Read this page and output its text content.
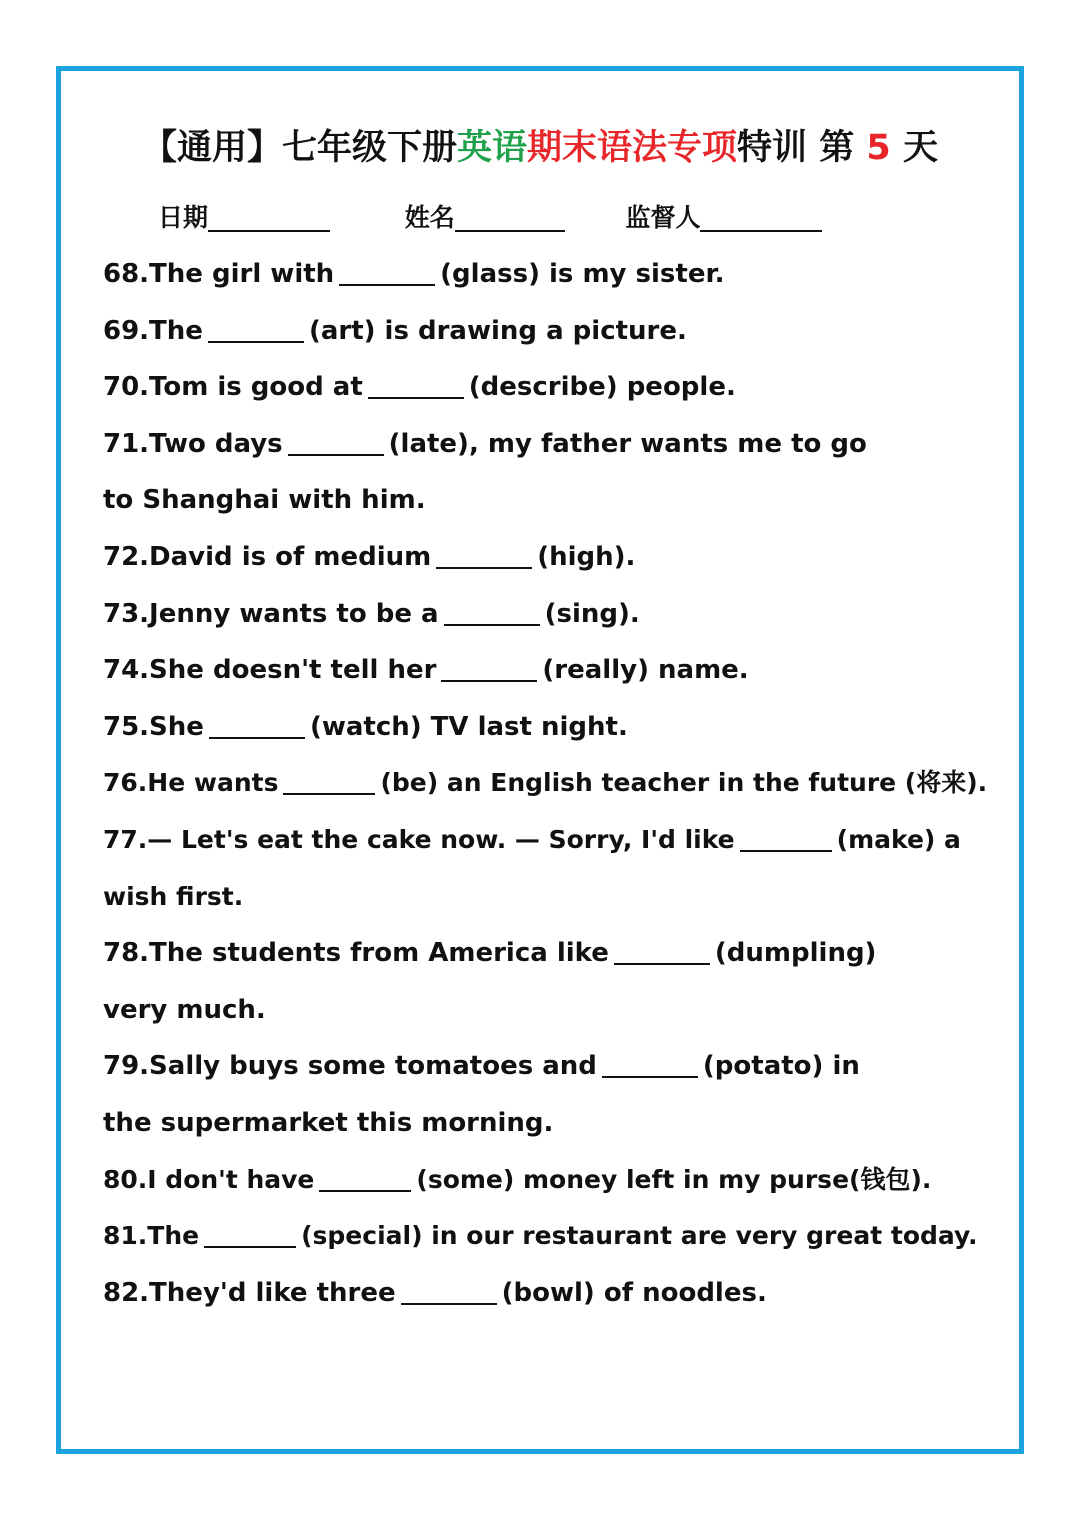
【通用】七年级下册英语期末语法专项特训 第 5 天
日期	姓名	监督人
68.The girl with	(glass) is my sister.
69.The	(art) is drawing a picture.
70.Tom is good at	(describe) people.
71.Two days	(late), my father wants me to go to Shanghai with him.
72.David is of medium	(high).
73.Jenny wants to be a	(sing).
74.She doesn't tell her	(really) name.
75.She	(watch) TV last night.
76.He wants	(be) an English teacher in the future (将来).
77.— Let's eat the cake now. — Sorry, I'd like	(make) a wish first.
78.The students from America like	(dumpling) very much.
79.Sally buys some tomatoes and	(potato) in the supermarket this morning.
80.I don't have	(some) money left in my purse(钱包).
81.The	(special) in our restaurant are very great today.
82.They'd like three	(bowl) of noodles.
